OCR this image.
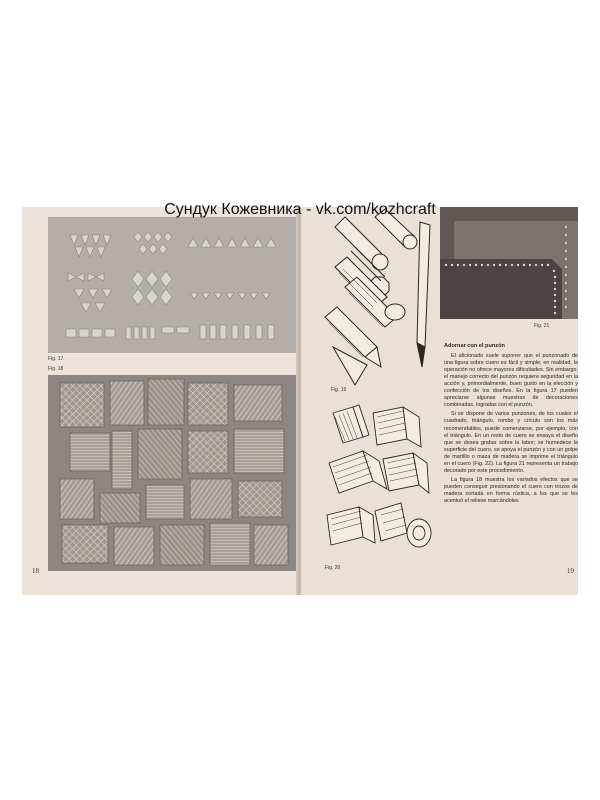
Сундук Кожевника - vk.com/kozhcraft
Fig. 17
Fig. 18
18
Fig. 19
Fig. 20	19
Fig. 21
Adornar con el punzón

El aficionado suele suponer que el punzonado de una figura sobre cuero es fácil y simple; en realidad, la operación no ofrece mayores dificultades. Sin embargo, el manejo correcto del punzón requiere seguridad en la acción y, primordialmente, buen gusto en la elección y confección de los diseños. En la figura 17 pueden apreciarse algunas muestras de decoraciones combinadas, logradas con el punzón.

Si se dispone de varios punzones, de los cuales el cuadrado, triángulo, rombo y círculo son los más recomendables, puede comenzarse, por ejemplo, con el triángulo. En un resto de cuero se ensaya el diseño que se desea grabar sobre la labor; se humedece la superficie del cuero, se apoya el punzón y con un golpe de martillo o maza de madera se imprime el triángulo en el cuero (Fig. 22). La figura 21 representa un trabajo decorado por este procedimiento.

La figura 18 muestra los variados efectos que se pueden conseguir presionando el cuero con trozos de madera cortada en forma rústica, a los que se les acentuó el relieve marcándoles
